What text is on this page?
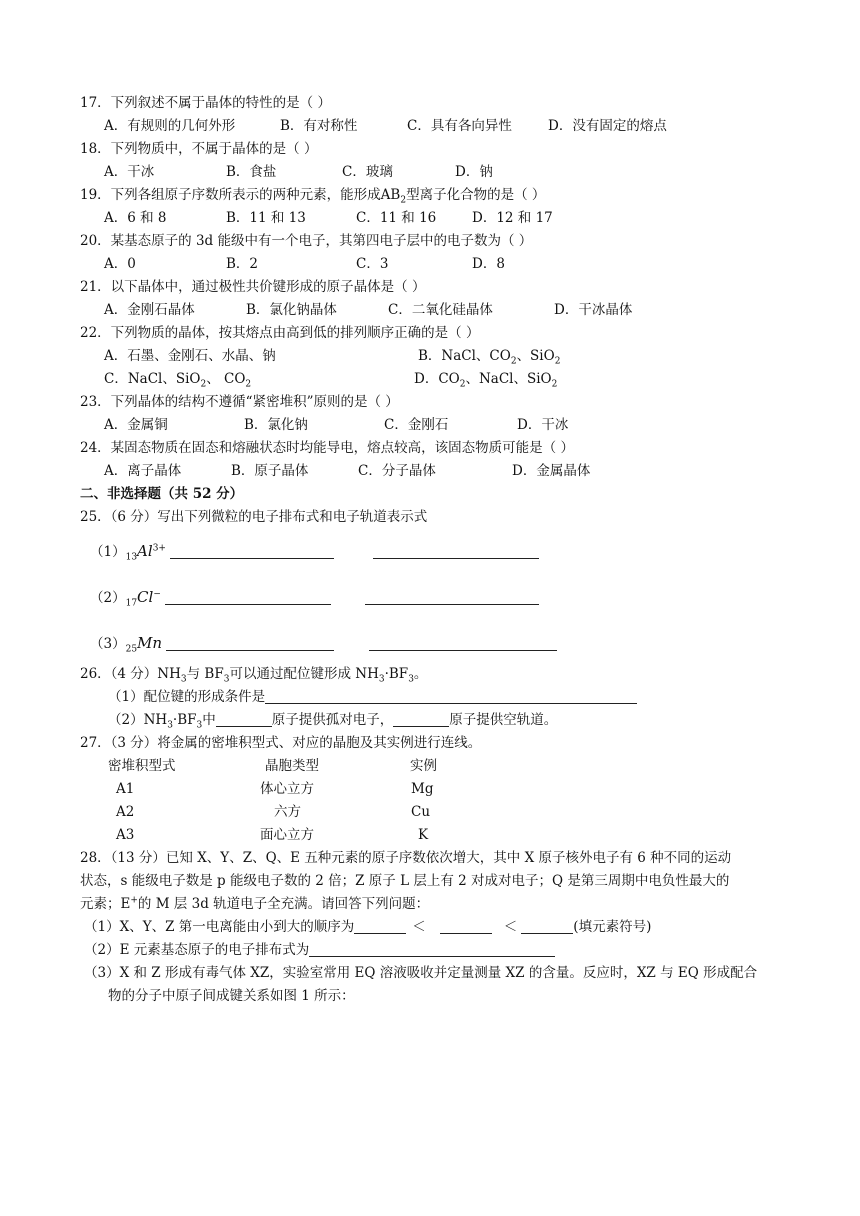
17．下列叙述不属于晶体的特性的是（ ）
A．有规则的几何外形	B．有对称性	C．具有各向异性	D．没有固定的熔点
18．下列物质中，不属于晶体的是（ ）
A．干冰	B．食盐	C．玻璃	D．钠
19．下列各组原子序数所表示的两种元素，能形成$AB_2$型离子化合物的是（ ）
A．6 和 8	B．11 和 13	C．11 和 16	D．12 和 17
20．某基态原子的 3d 能级中有一个电子，其第四电子层中的电子数为（ ）
A．0	B．2	C．3	D．8
21．以下晶体中，通过极性共价键形成的原子晶体是（ ）
A．金刚石晶体	B．氯化钠晶体	C．二氧化硅晶体	D．干冰晶体
22．下列物质的晶体，按其熔点由高到低的排列顺序正确的是（ ）
A．石墨、金刚石、水晶、钠	B．NaCl、$CO_2$、SiO$_2$
C．NaCl、SiO$_2$、 $CO_2$	D．$CO_2$、NaCl、SiO$_2$
23．下列晶体的结构不遵循“紧密堆积”原则的是（ ）
A．金属铜	B．氯化钠	C．金刚石	D．干冰
24．某固态物质在固态和熔融状态时均能导电，熔点较高，该固态物质可能是（ ）
A．离子晶体	B．原子晶体	C．分子晶体	D．金属晶体
二、非选择题（共 52 分）
25．（6 分）写出下列微粒的电子排布式和电子轨道表示式
$(1)_{13}Al^{3+}$
$(2)_{17}Cl^-$
$(3)_{25}Mn$
26．（4 分）$NH_3$与 $BF_3$可以通过配位键形成 $NH_3\cdot BF_3$。
（1）配位键的形成条件是
$(2)NH_3\cdot BF_3$中	原子提供孤对电子，	原子提供空轨道。
27．（3 分）将金属的密堆积型式、对应的晶胞及其实例进行连线。
密堆积型式	晶胞类型	实例
A1	体心立方	Mg
A2	六方	Cu
A3	面心立方	K
28．（13 分）已知 X、Y、Z、Q、E 五种元素的原子序数依次增大，其中 X 原子核外电子有 6 种不同的运动
状态，s 能级电子数是 p 能级电子数的 2 倍；Z 原子 L 层上有 2 对成对电子；Q 是第三周期中电负性最大的
元素；E+的 M 层 3d 轨道电子全充满。请回答下列问题：
（1）X、Y、Z 第一电离能由小到大的顺序为	＜	＜	(填元素符号)
（2）E 元素基态原子的电子排布式为
（3）X 和 Z 形成有毒气体 XZ，实验室常用 EQ 溶液吸收并定量测量 XZ 的含量。反应时，XZ 与 EQ 形成配合
物的分子中原子间成键关系如图 1 所示：
